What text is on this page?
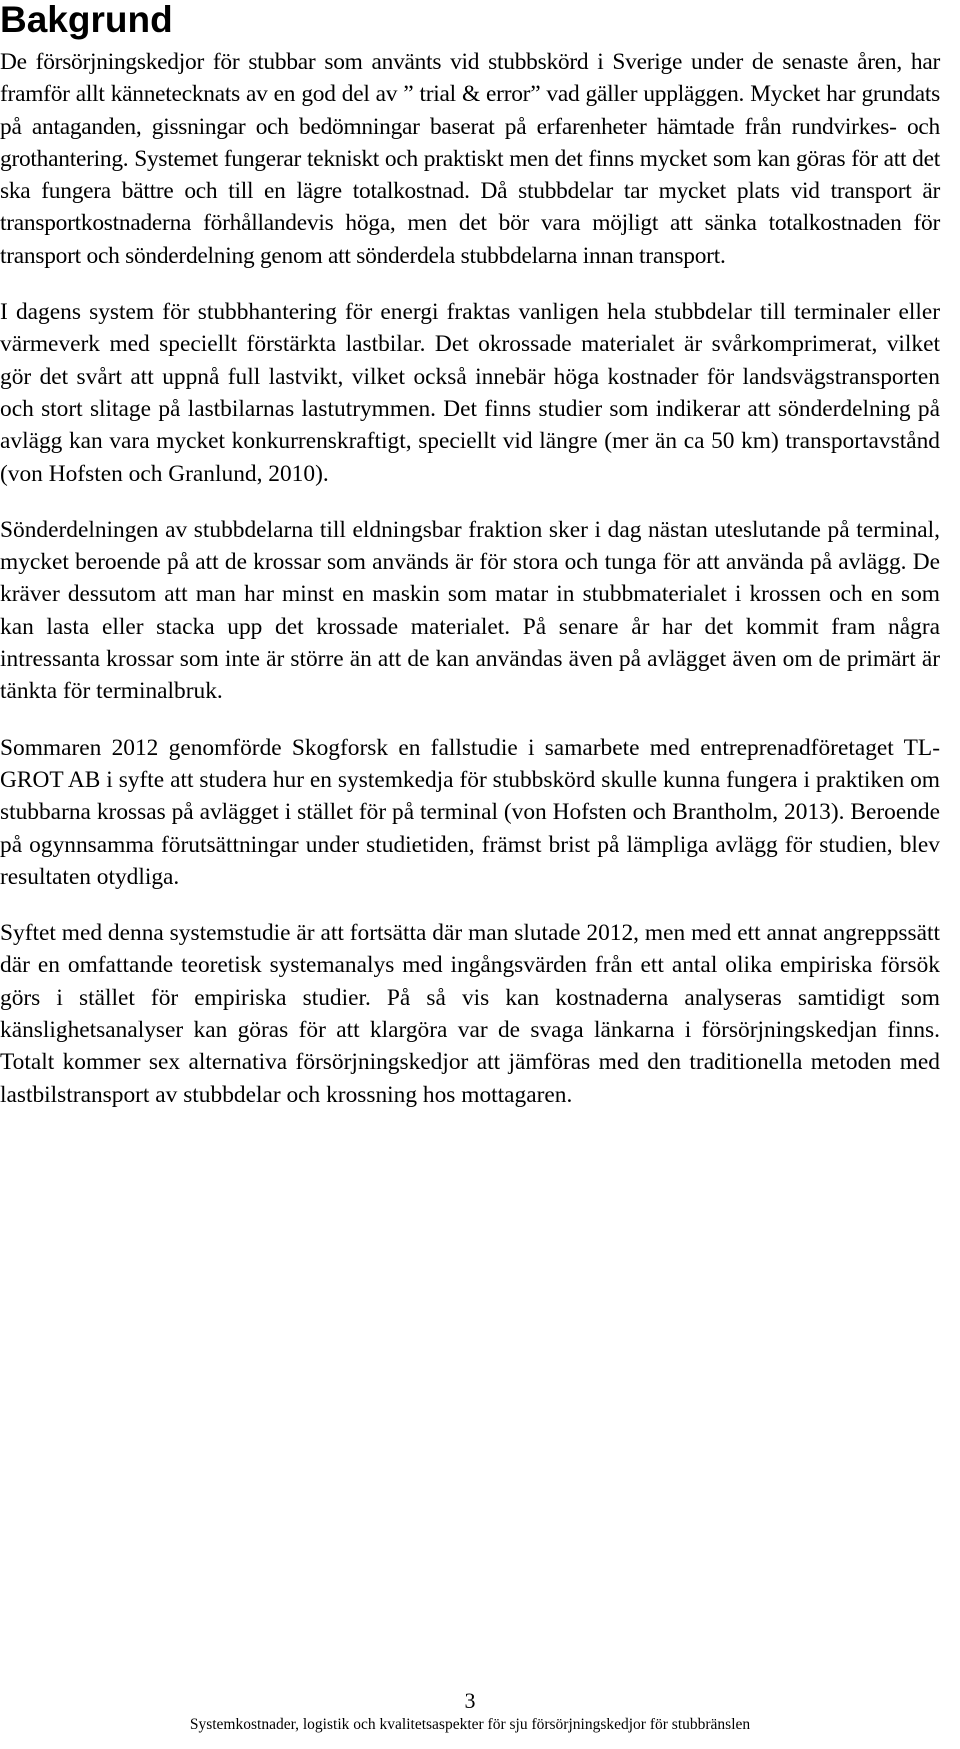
Bakgrund

De försörjningskedjor för stubbar som använts vid stubbskörd i Sverige under de senaste åren, har framför allt kännetecknats av en god del av ” trial & error” vad gäller uppläggen. Mycket har grundats på antaganden, gissningar och bedömningar baserat på erfarenheter hämtade från rundvirkes- och grothantering. Systemet fungerar tekniskt och praktiskt men det finns mycket som kan göras för att det ska fungera bättre och till en lägre totalkostnad. Då stubbdelar tar mycket plats vid transport är transportkostnaderna förhållandevis höga, men det bör vara möjligt att sänka totalkostnaden för transport och sönderdelning genom att sönderdela stubbdelarna innan transport.

I dagens system för stubbhantering för energi fraktas vanligen hela stubbdelar till terminaler eller värmeverk med speciellt förstärkta lastbilar. Det okrossade materialet är svårkomprimerat, vilket gör det svårt att uppnå full lastvikt, vilket också innebär höga kostnader för landsvägstransporten och stort slitage på lastbilarnas lastutrymmen. Det finns studier som indikerar att sönderdelning på avlägg kan vara mycket konkurrenskraftigt, speciellt vid längre (mer än ca 50 km) transportavstånd (von Hofsten och Granlund, 2010).

Sönderdelningen av stubbdelarna till eldningsbar fraktion sker i dag nästan uteslutande på terminal, mycket beroende på att de krossar som används är för stora och tunga för att använda på avlägg. De kräver dessutom att man har minst en maskin som matar in stubbmaterialet i krossen och en som kan lasta eller stacka upp det krossade materialet. På senare år har det kommit fram några intressanta krossar som inte är större än att de kan användas även på avlägget även om de primärt är tänkta för terminalbruk.

Sommaren 2012 genomförde Skogforsk en fallstudie i samarbete med entreprenadföretaget TL-GROT AB i syfte att studera hur en systemkedja för stubbskörd skulle kunna fungera i praktiken om stubbarna krossas på avlägget i stället för på terminal (von Hofsten och Brantholm, 2013). Beroende på ogynnsamma förutsättningar under studietiden, främst brist på lämpliga avlägg för studien, blev resultaten otydliga.

Syftet med denna systemstudie är att fortsätta där man slutade 2012, men med ett annat angreppssätt där en omfattande teoretisk systemanalys med ingångsvärden från ett antal olika empiriska försök görs i stället för empiriska studier. På så vis kan kostnaderna analyseras samtidigt som känslighetsanalyser kan göras för att klargöra var de svaga länkarna i försörjningskedjan finns. Totalt kommer sex alternativa försörjningskedjor att jämföras med den traditionella metoden med lastbilstransport av stubbdelar och krossning hos mottagaren.

3
Systemkostnader, logistik och kvalitetsaspekter för sju försörjningskedjor för stubbränslen
